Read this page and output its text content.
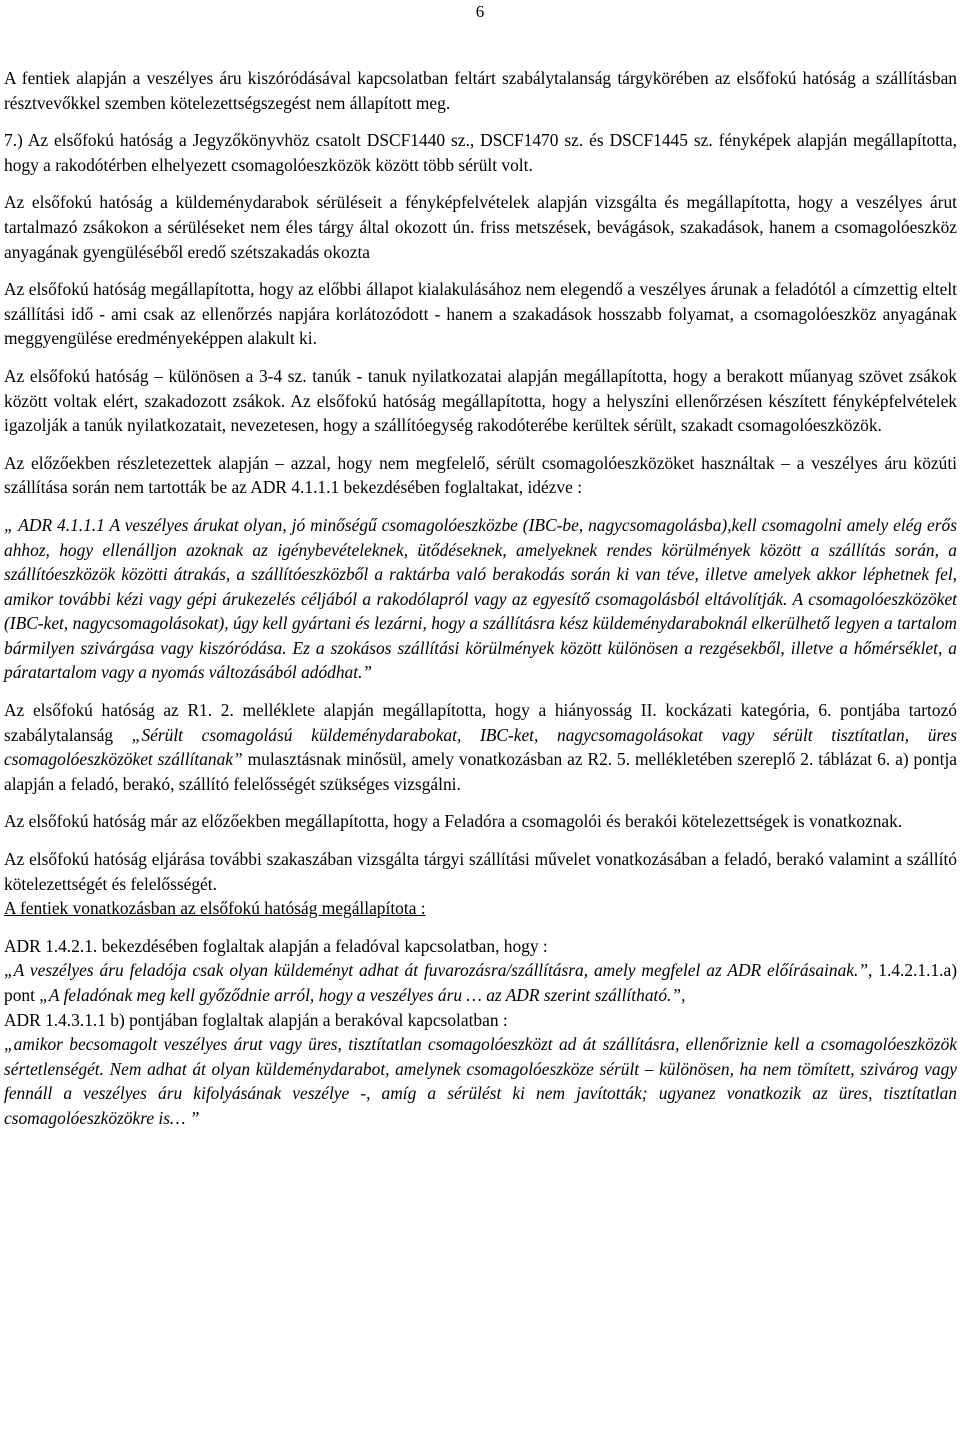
6

A fentiek alapján a veszélyes áru kiszóródásával kapcsolatban feltárt szabálytalanság tárgykörében az elsőfokú hatóság a szállításban résztvevőkkel szemben kötelezettségszegést nem állapított meg.

7.) Az elsőfokú hatóság a Jegyzőkönyvhöz csatolt DSCF1440 sz., DSCF1470 sz. és DSCF1445 sz. fényképek alapján megállapította, hogy a rakodótérben elhelyezett csomagolóeszközök között több sérült volt.

Az elsőfokú hatóság a küldeménydarabok sérüléseit a fényképfelvételek alapján vizsgálta és megállapította, hogy a veszélyes árut tartalmazó zsákokon a sérüléseket nem éles tárgy által okozott ún. friss metszések, bevágások, szakadások, hanem a csomagolóeszköz anyagának gyengüléséből eredő szétszakadás okozta

Az elsőfokú hatóság megállapította, hogy az előbbi állapot kialakulásához nem elegendő a veszélyes árunak a feladótól a címzettig eltelt szállítási idő - ami csak az ellenőrzés napjára korlátozódott - hanem a szakadások hosszabb folyamat, a csomagolóeszköz anyagának meggyengülése eredményeképpen alakult ki.

Az elsőfokú hatóság – különösen a 3-4 sz. tanúk - tanuk nyilatkozatai alapján megállapította, hogy a berakott műanyag szövet zsákok között voltak elért, szakadozott zsákok. Az elsőfokú hatóság megállapította, hogy a helyszíni ellenőrzésen készített fényképfelvételek igazolják a tanúk nyilatkozatait, nevezetesen, hogy a szállítóegység rakodóterébe kerültek sérült, szakadt csomagolóeszközök.

Az előzőekben részletezettek alapján – azzal, hogy nem megfelelő, sérült csomagolóeszközöket használtak – a veszélyes áru közúti szállítása során nem tartották be az ADR 4.1.1.1 bekezdésében foglaltakat, idézve :

„ ADR 4.1.1.1 A veszélyes árukat olyan, jó minőségű csomagolóeszközbe (IBC-be, nagycsomagolásba),kell csomagolni amely elég erős ahhoz, hogy ellenálljon azoknak az igénybevételeknek, ütődéseknek, amelyeknek rendes körülmények között a szállítás során, a szállítóeszközök közötti átrakás, a szállítóeszközből a raktárba való berakodás során ki van téve, illetve amelyek akkor léphetnek fel, amikor további kézi vagy gépi árukezelés céljából a rakodólapról vagy az egyesítő csomagolásból eltávolítják. A csomagolóeszközöket (IBC-ket, nagycsomagolásokat), úgy kell gyártani és lezárni, hogy a szállításra kész küldeménydaraboknál elkerülhető legyen a tartalom bármilyen szivárgása vagy kiszóródása. Ez a szokásos szállítási körülmények között különösen a rezgésekből, illetve a hőmérséklet, a páratartalom vagy a nyomás változásából adódhat.”

Az elsőfokú hatóság az R1. 2. melléklete alapján megállapította, hogy a hiányosság II. kockázati kategória, 6. pontjába tartozó szabálytalanság „Sérült csomagolású küldeménydarabokat, IBC-ket, nagycsomagolásokat vagy sérült tisztítatlan, üres csomagolóeszközöket szállítanak” mulasztásnak minősül, amely vonatkozásban az R2. 5. mellékletében szereplő 2. táblázat 6. a) pontja alapján a feladó, berakó, szállító felelősségét szükséges vizsgálni.

Az elsőfokú hatóság már az előzőekben megállapította, hogy a Feladóra a csomagolói és berakói kötelezettségek is vonatkoznak.

Az elsőfokú hatóság eljárása további szakaszában vizsgálta tárgyi szállítási művelet vonatkozásában a feladó, berakó valamint a szállító kötelezettségét és felelősségét.

A fentiek vonatkozásban az elsőfokú hatóság megállapítota :

ADR 1.4.2.1. bekezdésében foglaltak alapján a feladóval kapcsolatban, hogy :

„A veszélyes áru feladója csak olyan küldeményt adhat át fuvarozásra/szállításra, amely megfelel az ADR előírásainak.”, 1.4.2.1.1.a) pont „A feladónak meg kell győződnie arról, hogy a veszélyes áru … az ADR szerint szállítható.”,

ADR 1.4.3.1.1 b) pontjában foglaltak alapján a berakóval kapcsolatban :

„amikor becsomagolt veszélyes árut vagy üres, tisztítatlan csomagolóeszközt ad át szállításra, ellenőriznie kell a csomagolóeszközök sértetlenségét. Nem adhat át olyan küldeménydarabot, amelynek csomagolóeszköze sérült – különösen, ha nem tömített, szivárog vagy fennáll a veszélyes áru kifolyásának veszélye -, amíg a sérülést ki nem javították; ugyanez vonatkozik az üres, tisztítatlan csomagolóeszközökre is… ”
